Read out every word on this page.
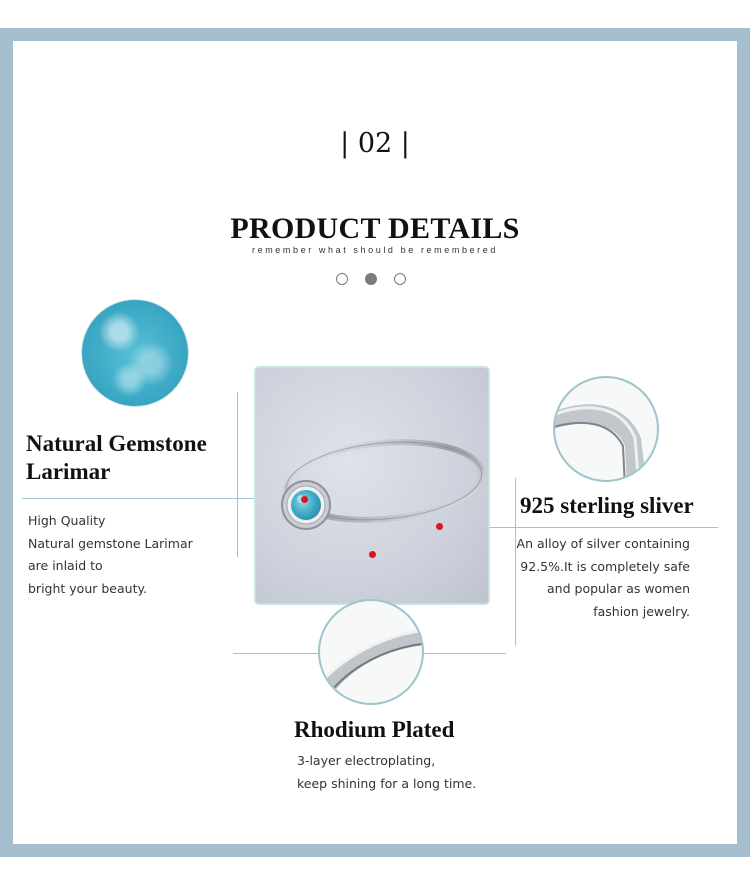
| 02 |
PRODUCT DETAILS
remember what should be remembered
Natural Gemstone
Larimar
High Quality
Natural gemstone Larimar
are inlaid to
bright your beauty.
925 sterling sliver
An alloy of silver containing
92.5%.It is completely safe
and popular as women
fashion jewelry.
Rhodium Plated
3-layer electroplating,
keep shining for a long time.
